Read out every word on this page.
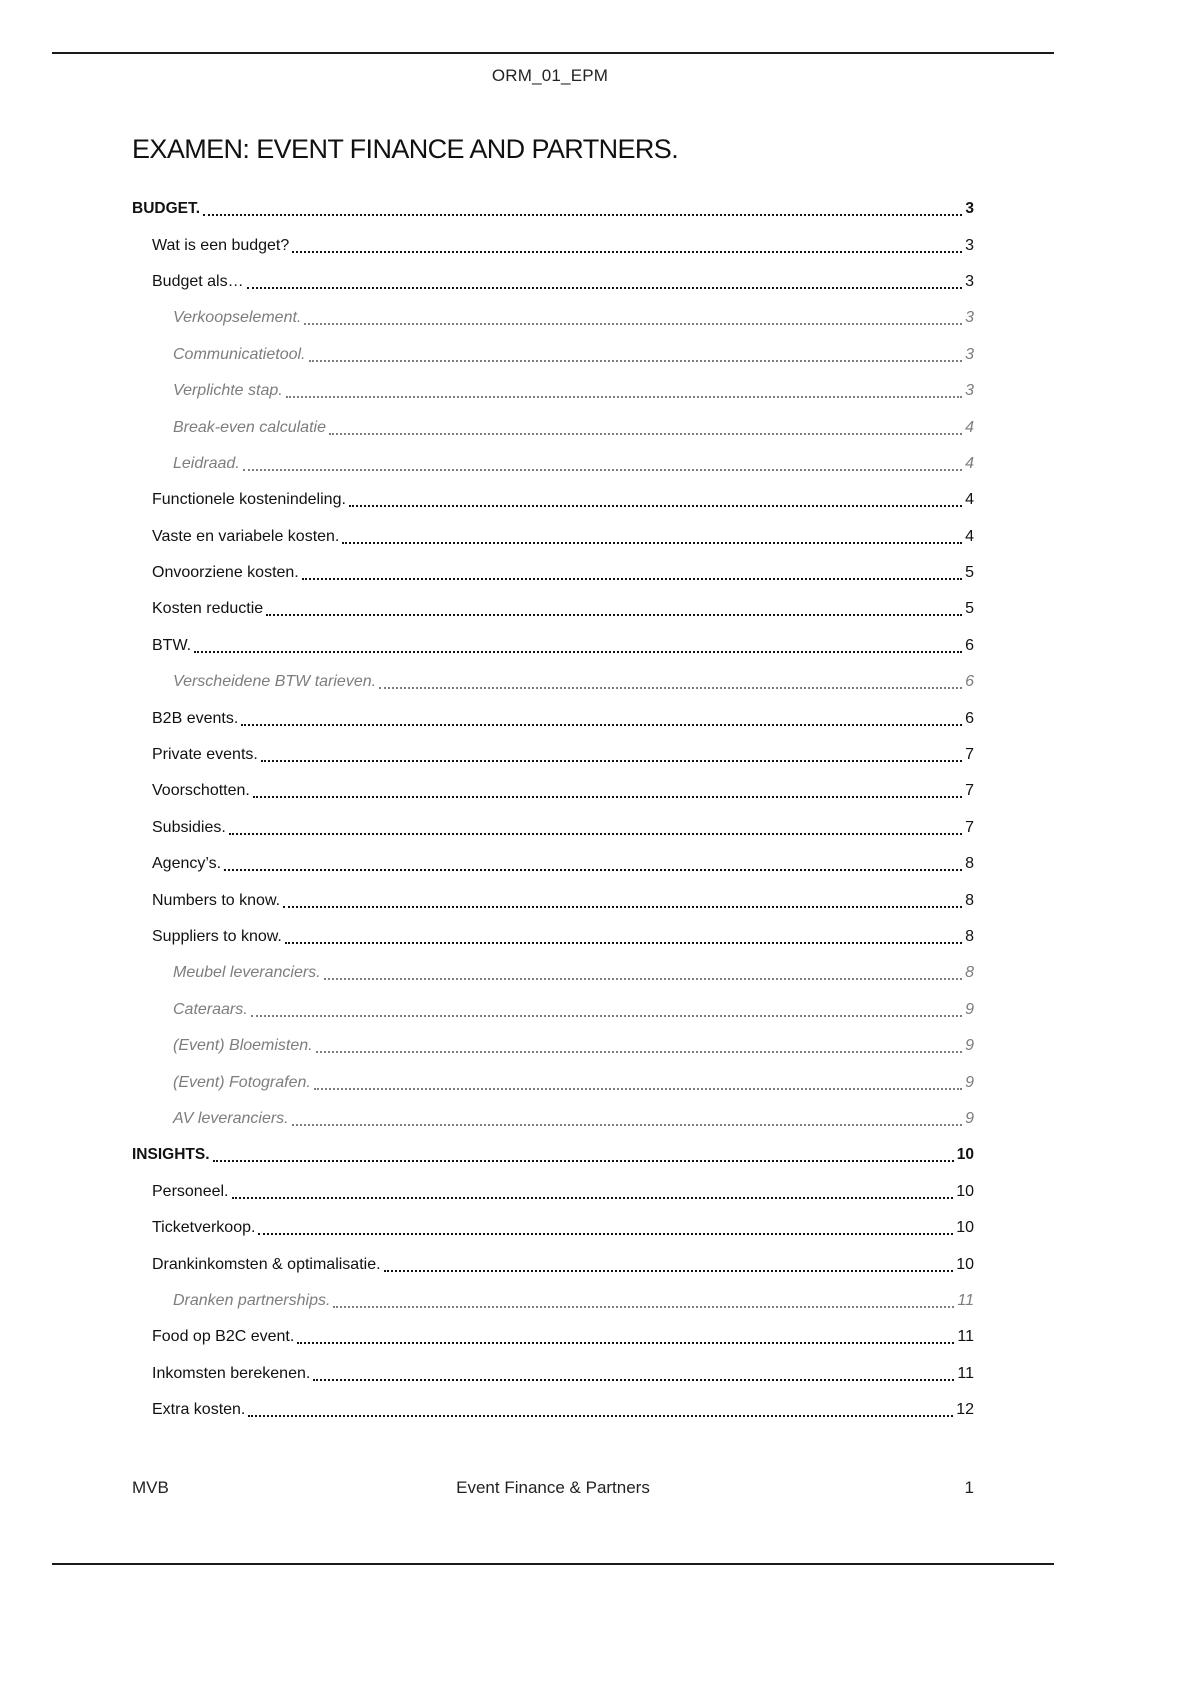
ORM_01_EPM
EXAMEN: EVENT FINANCE AND PARTNERS.
BUDGET.	3
Wat is een budget?	3
Budget als…	3
Verkoopselement.	3
Communicatietool.	3
Verplichte stap.	3
Break-even calculatie	4
Leidraad.	4
Functionele kostenindeling.	4
Vaste en variabele kosten.	4
Onvoorziene kosten.	5
Kosten reductie	5
BTW.	6
Verscheidene BTW tarieven.	6
B2B events.	6
Private events.	7
Voorschotten.	7
Subsidies.	7
Agency’s.	8
Numbers to know.	8
Suppliers to know.	8
Meubel leveranciers.	8
Cateraars.	9
(Event) Bloemisten.	9
(Event) Fotografen.	9
AV leveranciers.	9
INSIGHTS.	10
Personeel.	10
Ticketverkoop.	10
Drankinkomsten & optimalisatie.	10
Dranken partnerships.	11
Food op B2C event.	11
Inkomsten berekenen.	11
Extra kosten.	12
MVB	Event Finance & Partners	1
